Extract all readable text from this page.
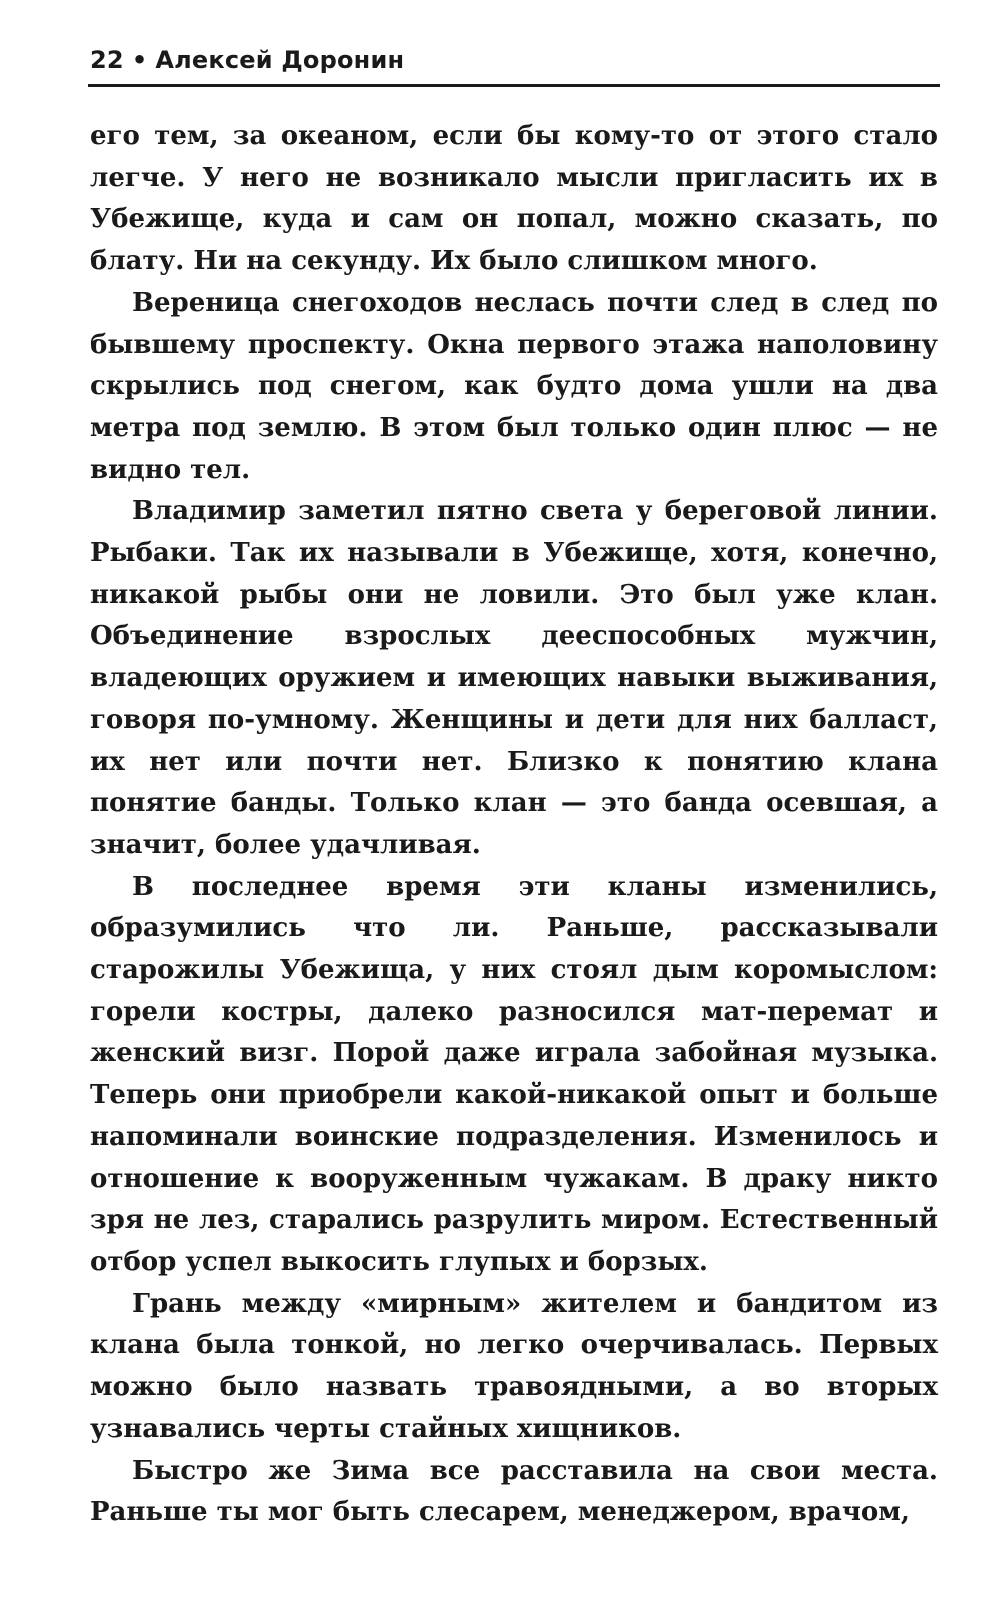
22 • Алексей Доронин

его тем, за океаном, если бы кому-то от этого стало легче. У него не возникало мысли пригласить их в Убежище, куда и сам он попал, можно сказать, по блату. Ни на секунду. Их было слишком много.

Вереница снегоходов неслась почти след в след по бывшему проспекту. Окна первого этажа наполовину скрылись под снегом, как будто дома ушли на два метра под землю. В этом был только один плюс — не видно тел.

Владимир заметил пятно света у береговой линии. Рыбаки. Так их называли в Убежище, хотя, конечно, никакой рыбы они не ловили. Это был уже клан. Объединение взрослых дееспособных мужчин, владеющих оружием и имеющих навыки выживания, говоря по-умному. Женщины и дети для них балласт, их нет или почти нет. Близко к понятию клана понятие банды. Только клан — это банда осевшая, а значит, более удачливая.

В последнее время эти кланы изменились, образумились что ли. Раньше, рассказывали старожилы Убежища, у них стоял дым коромыслом: горели костры, далеко разносился мат-перемат и женский визг. Порой даже играла забойная музыка. Теперь они приобрели какой-никакой опыт и больше напоминали воинские подразделения. Изменилось и отношение к вооруженным чужакам. В драку никто зря не лез, старались разрулить миром. Естественный отбор успел выкосить глупых и борзых.

Грань между «мирным» жителем и бандитом из клана была тонкой, но легко очерчивалась. Первых можно было назвать травоядными, а во вторых узнавались черты стайных хищников.

Быстро же Зима все расставила на свои места. Раньше ты мог быть слесарем, менеджером, врачом,
